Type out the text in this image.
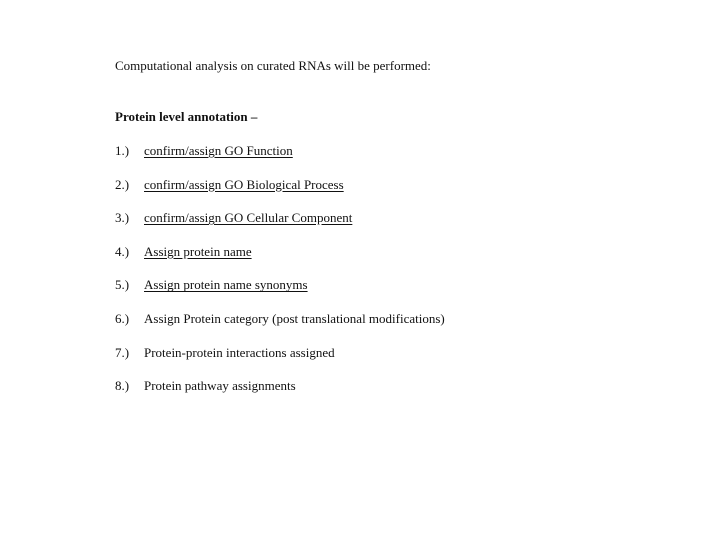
Computational analysis on curated RNAs will be performed:
Protein level annotation –
1.)	confirm/assign GO Function
2.)	confirm/assign GO Biological Process
3.)	confirm/assign GO Cellular Component
4.)	Assign protein name
5.)	Assign protein name synonyms
6.)	Assign Protein category (post translational modifications)
7.)	Protein-protein interactions assigned
8.)	Protein pathway assignments
